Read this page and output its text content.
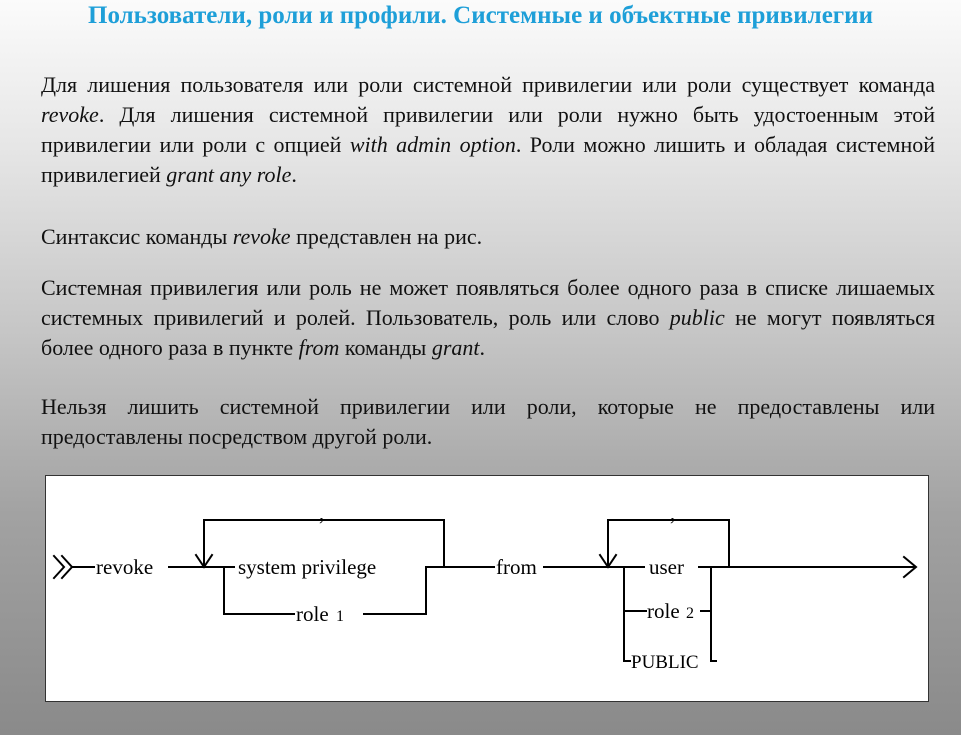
Пользователи, роли и профили. Системные и объектные привилегии

Для лишения пользователя или роли системной привилегии или роли существует команда revoke. Для лишения системной привилегии или роли нужно быть удостоенным этой привилегии или роли с опцией with admin option. Роли можно лишить и обладая системной привилегией grant any role.

Синтаксис команды revoke представлен на рис.

Системная привилегия или роль не может появляться более одного раза в списке лишаемых системных привилегий и ролей. Пользователь, роль или слово public не могут появляться более одного раза в пункте from команды grant.

Нельзя лишить системной привилегии или роли, которые не предоставлены или предоставлены посредством другой роли.

revoke	system privilege
role 1
,
from	user
role 2
PUBLIC
,
